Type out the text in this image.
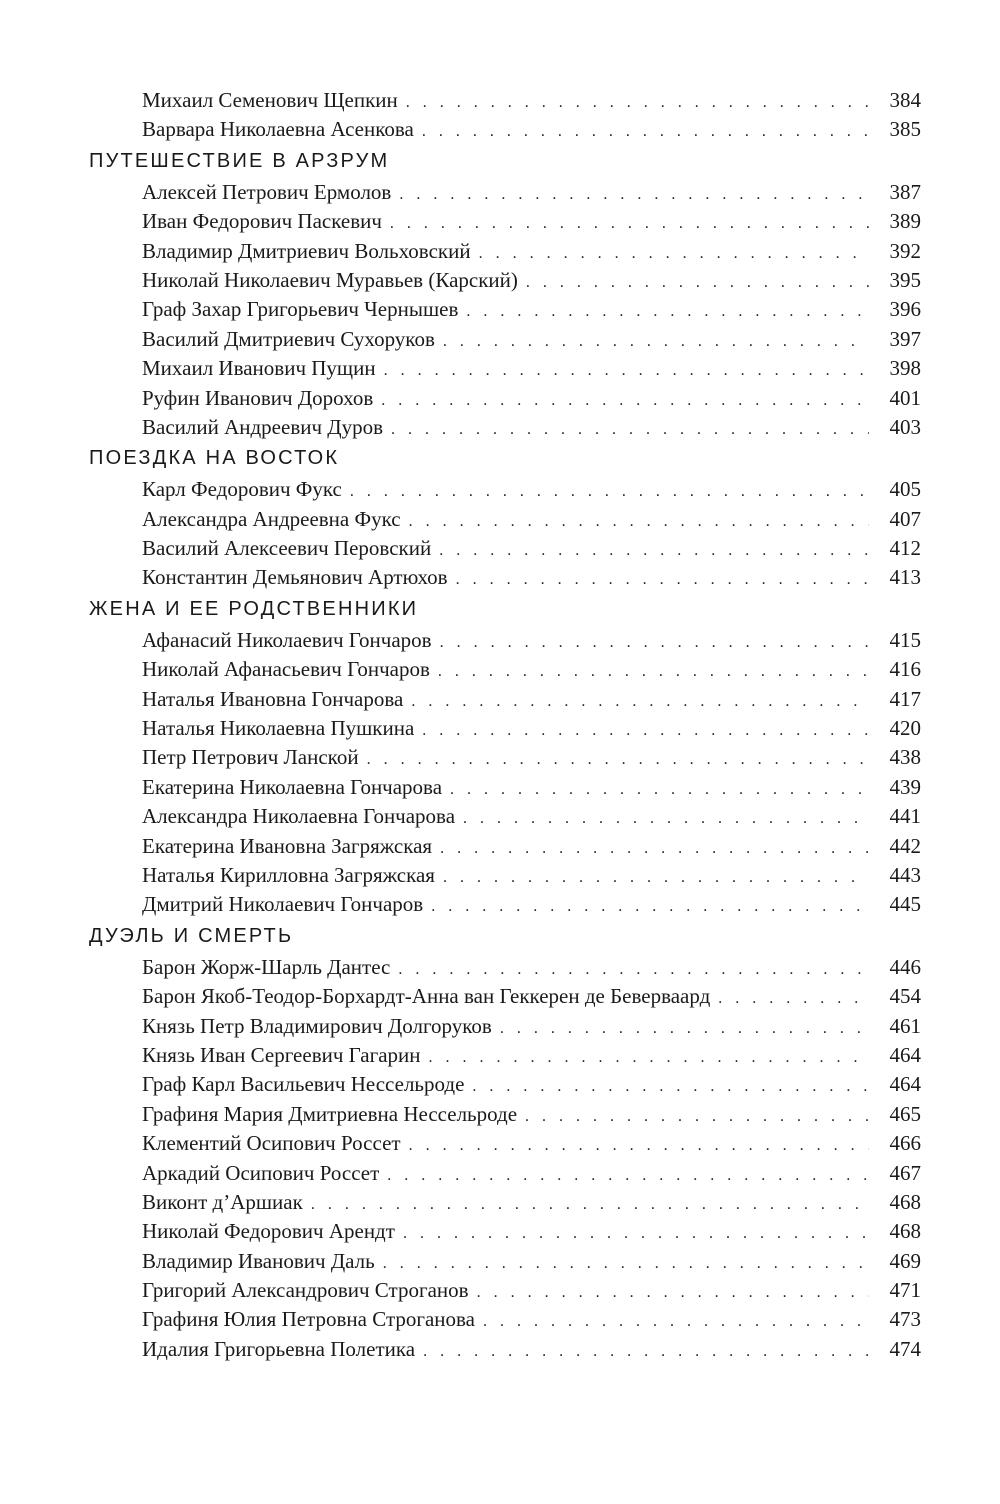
Михаил Семенович Щепкин . . .	384
Варвара Николаевна Асенкова . . .	385
ПУТЕШЕСТВИЕ В АРЗРУМ
Алексей Петрович Ермолов . . .	387
Иван Федорович Паскевич . . .	389
Владимир Дмитриевич Вольховский . . .	392
Николай Николаевич Муравьев (Карский) . . .	395
Граф Захар Григорьевич Чернышев . . .	396
Василий Дмитриевич Сухоруков . . .	397
Михаил Иванович Пущин . . .	398
Руфин Иванович Дорохов . . .	401
Василий Андреевич Дуров . . .	403
ПОЕЗДКА НА ВОСТОК
Карл Федорович Фукс . . .	405
Александра Андреевна Фукс . . .	407
Василий Алексеевич Перовский . . .	412
Константин Демьянович Артюхов . . .	413
ЖЕНА И ЕЕ РОДСТВЕННИКИ
Афанасий Николаевич Гончаров . . .	415
Николай Афанасьевич Гончаров . . .	416
Наталья Ивановна Гончарова . . .	417
Наталья Николаевна Пушкина . . .	420
Петр Петрович Ланской . . .	438
Екатерина Николаевна Гончарова . . .	439
Александра Николаевна Гончарова . . .	441
Екатерина Ивановна Загряжская . . .	442
Наталья Кирилловна Загряжская . . .	443
Дмитрий Николаевич Гончаров . . .	445
ДУЭЛЬ И СМЕРТЬ
Барон Жорж-Шарль Дантес . . .	446
Барон Якоб-Теодор-Борхардт-Анна ван Геккерен де Беверваард . . .	454
Князь Петр Владимирович Долгоруков . . .	461
Князь Иван Сергеевич Гагарин . . .	464
Граф Карл Васильевич Нессельроде . . .	464
Графиня Мария Дмитриевна Нессельроде . . .	465
Клементий Осипович Россет . . .	466
Аркадий Осипович Россет . . .	467
Виконт д’Аршиак . . .	468
Николай Федорович Арендт . . .	468
Владимир Иванович Даль . . .	469
Григорий Александрович Строганов . . .	471
Графиня Юлия Петровна Строганова . . .	473
Идалия Григорьевна Полетика . . .	474
